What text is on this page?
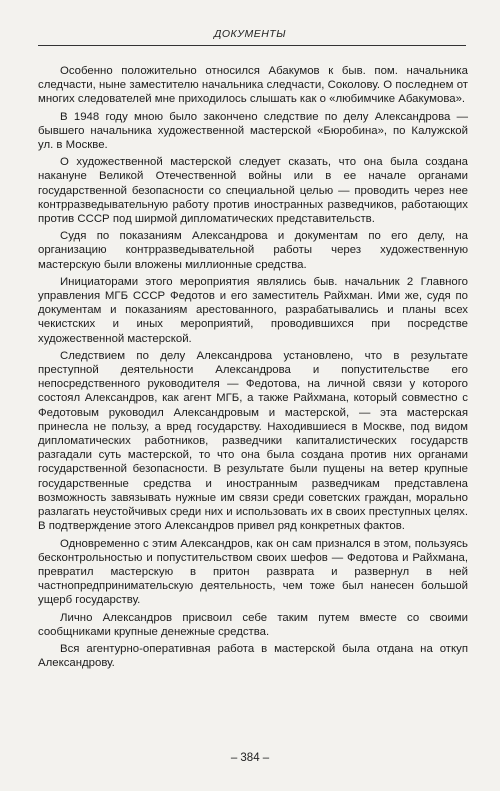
ДОКУМЕНТЫ

Особенно положительно относился Абакумов к быв. пом. начальника следчасти, ныне заместителю начальника следчасти, Соколову. О последнем от многих следователей мне приходилось слышать как о «любимчике Абакумова».

В 1948 году мною было закончено следствие по делу Александрова — бывшего начальника художественной мастерской «Бюробина», по Калужской ул. в Москве.

О художественной мастерской следует сказать, что она была создана накануне Великой Отечественной войны или в ее начале органами государственной безопасности со специальной целью — проводить через нее контрразведывательную работу против иностранных разведчиков, работающих против СССР под ширмой дипломатических представительств.

Судя по показаниям Александрова и документам по его делу, на организацию контрразведывательной работы через художественную мастерскую были вложены миллионные средства.

Инициаторами этого мероприятия являлись быв. начальник 2 Главного управления МГБ СССР Федотов и его заместитель Райхман. Ими же, судя по документам и показаниям арестованного, разрабатывались и планы всех чекистских и иных мероприятий, проводившихся при посредстве художественной мастерской.

Следствием по делу Александрова установлено, что в результате преступной деятельности Александрова и попустительстве его непосредственного руководителя — Федотова, на личной связи у которого состоял Александров, как агент МГБ, а также Райхмана, который совместно с Федотовым руководил Александровым и мастерской, — эта мастерская принесла не пользу, а вред государству. Находившиеся в Москве, под видом дипломатических работников, разведчики капиталистических государств разгадали суть мастерской, то что она была создана против них органами государственной безопасности. В результате были пущены на ветер крупные государственные средства и иностранным разведчикам представлена возможность завязывать нужные им связи среди советских граждан, морально разлагать неустойчивых среди них и использовать их в своих преступных целях. В подтверждение этого Александров привел ряд конкретных фактов.

Одновременно с этим Александров, как он сам признался в этом, пользуясь бесконтрольностью и попустительством своих шефов — Федотова и Райхмана, превратил мастерскую в притон разврата и развернул в ней частнопредпринимательскую деятельность, чем тоже был нанесен большой ущерб государству.

Лично Александров присвоил себе таким путем вместе со своими сообщниками крупные денежные средства.

Вся агентурно-оперативная работа в мастерской была отдана на откуп Александрову.

– 384 –
